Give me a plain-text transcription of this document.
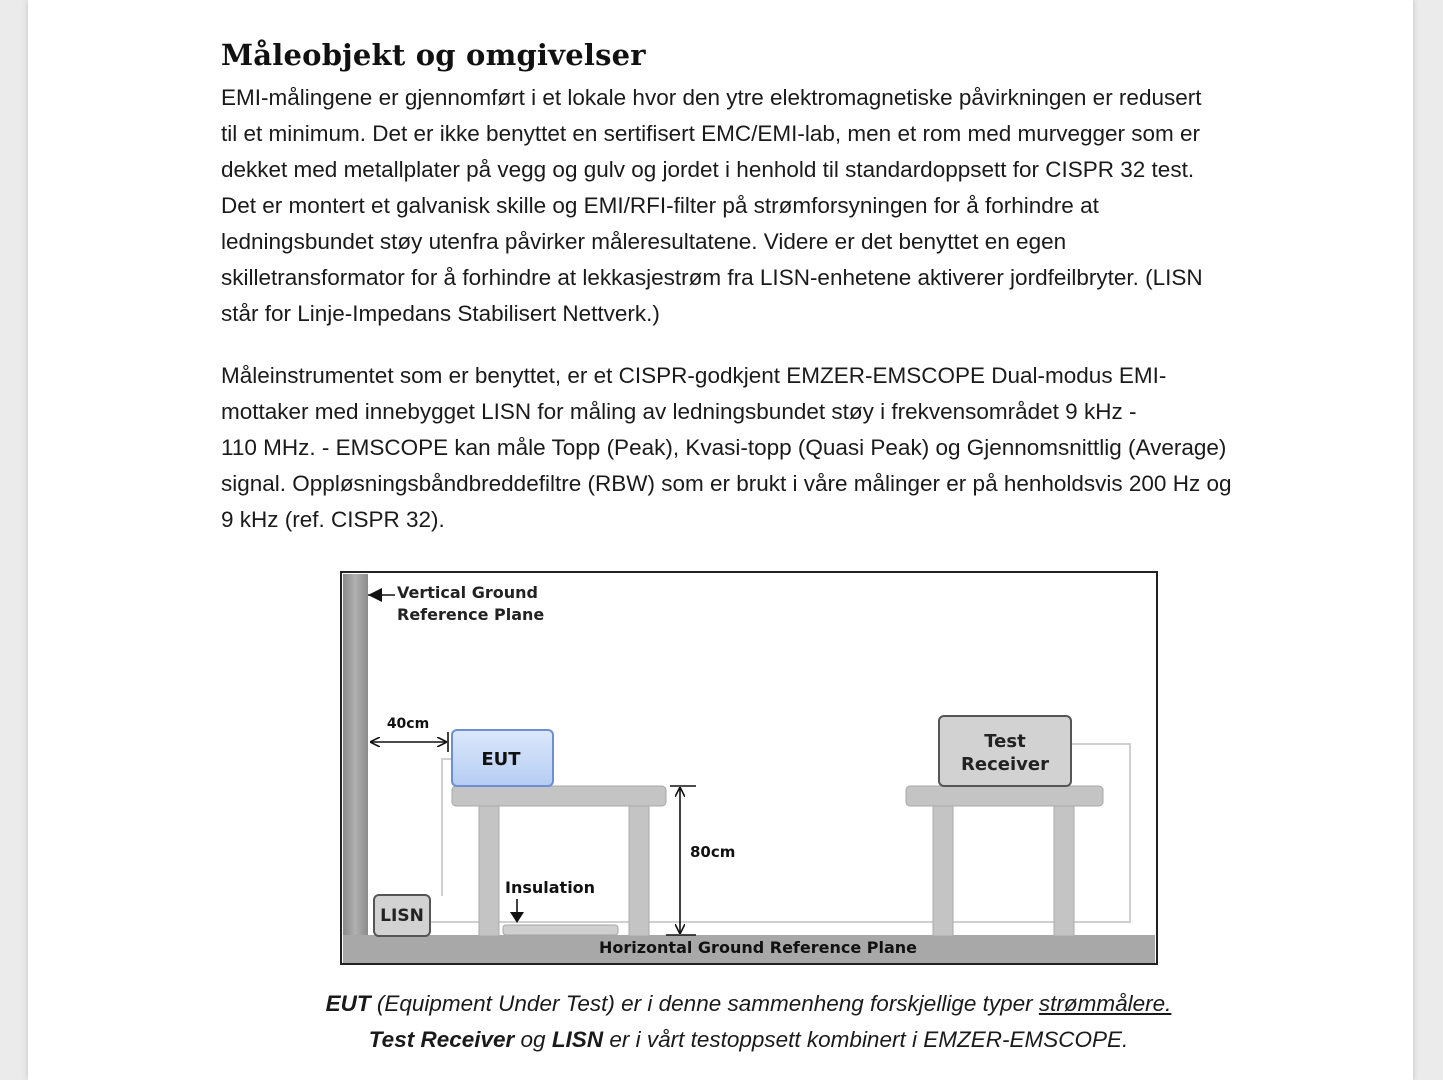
Måleobjekt og omgivelser
EMI-målingene er gjennomført i et lokale hvor den ytre elektromagnetiske påvirkningen er redusert
til et minimum. Det er ikke benyttet en sertifisert EMC/EMI-lab, men et rom med murvegger som er
dekket med metallplater på vegg og gulv og jordet i henhold til standardoppsett for CISPR 32 test.
Det er montert et galvanisk skille og EMI/RFI-filter på strømforsyningen for å forhindre at
ledningsbundet støy utenfra påvirker måleresultatene. Videre er det benyttet en egen
skilletransformator for å forhindre at lekkasjestrøm fra LISN-enhetene aktiverer jordfeilbryter. (LISN
står for Linje-Impedans Stabilisert Nettverk.)
Måleinstrumentet som er benyttet, er et CISPR-godkjent EMZER-EMSCOPE Dual-modus EMI-
mottaker med innebygget LISN for måling av ledningsbundet støy i frekvensområdet 9 kHz -
110 MHz. - EMSCOPE kan måle Topp (Peak), Kvasi-topp (Quasi Peak) og Gjennomsnittlig (Average)
signal. Oppløsningsbåndbreddefiltre (RBW) som er brukt i våre målinger er på henholdsvis 200 Hz og
9 kHz (ref. CISPR 32).
Horizontal Ground Reference Plane
Vertical Ground
Reference Plane
40cm
EUT
80cm
Insulation
LISN
Test
Receiver

EUT (Equipment Under Test) er i denne sammenheng forskjellige typer strømmålere.

Test Receiver og LISN er i vårt testoppsett kombinert i EMZER-EMSCOPE.
